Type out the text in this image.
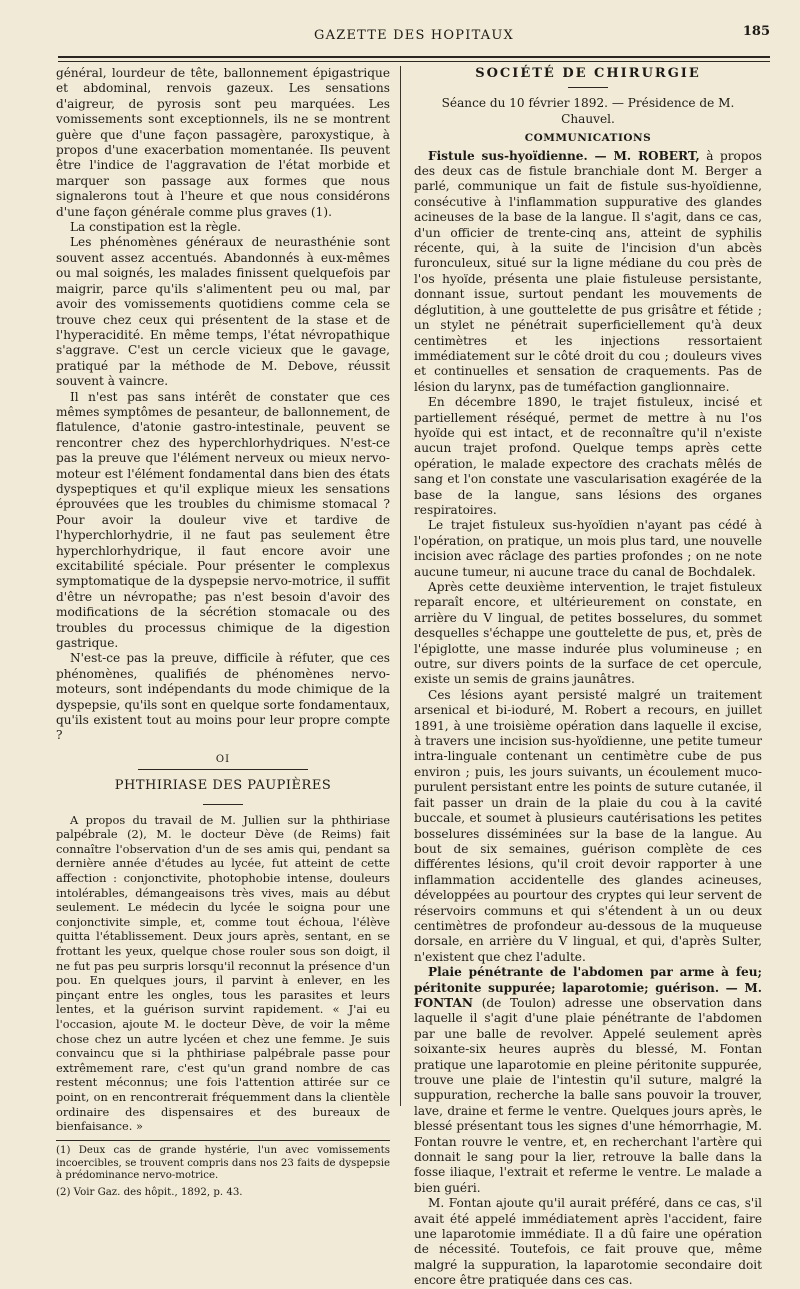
GAZETTE DES HOPITAUX	185

général, lourdeur de tête, ballonnement épigastrique et abdominal, renvois gazeux. Les sensations d'aigreur, de pyrosis sont peu marquées. Les vomissements sont exceptionnels, ils ne se montrent guère que d'une façon passagère, paroxystique, à propos d'une exacerbation momentanée. Ils peuvent être l'indice de l'aggravation de l'état morbide et marquer son passage aux formes que nous signalerons tout à l'heure et que nous considérons d'une façon générale comme plus graves (1).

La constipation est la règle.

Les phénomènes généraux de neurasthénie sont souvent assez accentués. Abandonnés à eux-mêmes ou mal soignés, les malades finissent quelquefois par maigrir, parce qu'ils s'alimentent peu ou mal, par avoir des vomissements quotidiens comme cela se trouve chez ceux qui présentent de la stase et de l'hyperacidité. En même temps, l'état névropathique s'aggrave. C'est un cercle vicieux que le gavage, pratiqué par la méthode de M. Debove, réussit souvent à vaincre.

Il n'est pas sans intérêt de constater que ces mêmes symptômes de pesanteur, de ballonnement, de flatulence, d'atonie gastro-intestinale, peuvent se rencontrer chez des hyperchlorhydriques. N'est-ce pas la preuve que l'élément nerveux ou mieux nervo-moteur est l'élément fondamental dans bien des états dyspeptiques et qu'il explique mieux les sensations éprouvées que les troubles du chimisme stomacal ? Pour avoir la douleur vive et tardive de l'hyperchlorhydrie, il ne faut pas seulement être hyperchlorhydrique, il faut encore avoir une excitabilité spéciale. Pour présenter le complexus symptomatique de la dyspepsie nervo-motrice, il suffit d'être un névropathe; pas n'est besoin d'avoir des modifications de la sécrétion stomacale ou des troubles du processus chimique de la digestion gastrique.

N'est-ce pas la preuve, difficile à réfuter, que ces phénomènes, qualifiés de phénomènes nervo-moteurs, sont indépendants du mode chimique de la dyspepsie, qu'ils sont en quelque sorte fondamentaux, qu'ils existent tout au moins pour leur propre compte ?

OI
PHTHIRIASE DES PAUPIÈRES

A propos du travail de M. Jullien sur la phthiriase palpébrale (2), M. le docteur Dève (de Reims) fait connaître l'observation d'un de ses amis qui, pendant sa dernière année d'études au lycée, fut atteint de cette affection : conjonctivite, photophobie intense, douleurs intolérables, démangeaisons très vives, mais au début seulement. Le médecin du lycée le soigna pour une conjonctivite simple, et, comme tout échoua, l'élève quitta l'établissement. Deux jours après, sentant, en se frottant les yeux, quelque chose rouler sous son doigt, il ne fut pas peu surpris lorsqu'il reconnut la présence d'un pou. En quelques jours, il parvint à enlever, en les pinçant entre les ongles, tous les parasites et leurs lentes, et la guérison survint rapidement. « J'ai eu l'occasion, ajoute M. le docteur Dève, de voir la même chose chez un autre lycéen et chez une femme. Je suis convaincu que si la phthiriase palpébrale passe pour extrêmement rare, c'est qu'un grand nombre de cas restent méconnus; une fois l'attention attirée sur ce point, on en rencontrerait fréquemment dans la clientèle ordinaire des dispensaires et des bureaux de bienfaisance. »

(1) Deux cas de grande hystérie, l'un avec vomissements incoercibles, se trouvent compris dans nos 23 faits de dyspepsie à prédominance nervo-motrice.

(2) Voir Gaz. des hôpit., 1892, p. 43.

SOCIÉTÉ DE CHIRURGIE
Séance du 10 février 1892. — Présidence de M. Chauvel.
COMMUNICATIONS

Fistule sus-hyoïdienne. — M. ROBERT, à propos des deux cas de fistule branchiale dont M. Berger a parlé, communique un fait de fistule sus-hyoïdienne, consécutive à l'inflammation suppurative des glandes acineuses de la base de la langue. Il s'agit, dans ce cas, d'un officier de trente-cinq ans, atteint de syphilis récente, qui, à la suite de l'incision d'un abcès furonculeux, situé sur la ligne médiane du cou près de l'os hyoïde, présenta une plaie fistuleuse persistante, donnant issue, surtout pendant les mouvements de déglutition, à une gouttelette de pus grisâtre et fétide ; un stylet ne pénétrait superficiellement qu'à deux centimètres et les injections ressortaient immédiatement sur le côté droit du cou ; douleurs vives et continuelles et sensation de craquements. Pas de lésion du larynx, pas de tuméfaction ganglionnaire.

En décembre 1890, le trajet fistuleux, incisé et partiellement réséqué, permet de mettre à nu l'os hyoïde qui est intact, et de reconnaître qu'il n'existe aucun trajet profond. Quelque temps après cette opération, le malade expectore des crachats mêlés de sang et l'on constate une vascularisation exagérée de la base de la langue, sans lésions des organes respiratoires.

Le trajet fistuleux sus-hyoïdien n'ayant pas cédé à l'opération, on pratique, un mois plus tard, une nouvelle incision avec râclage des parties profondes ; on ne note aucune tumeur, ni aucune trace du canal de Bochdalek.

Après cette deuxième intervention, le trajet fistuleux reparaît encore, et ultérieurement on constate, en arrière du V lingual, de petites bosselures, du sommet desquelles s'échappe une gouttelette de pus, et, près de l'épiglotte, une masse indurée plus volumineuse ; en outre, sur divers points de la surface de cet opercule, existe un semis de grains jaunâtres.

Ces lésions ayant persisté malgré un traitement arsenical et bi-ioduré, M. Robert a recours, en juillet 1891, à une troisième opération dans laquelle il excise, à travers une incision sus-hyoïdienne, une petite tumeur intra-linguale contenant un centimètre cube de pus environ ; puis, les jours suivants, un écoulement muco-purulent persistant entre les points de suture cutanée, il fait passer un drain de la plaie du cou à la cavité buccale, et soumet à plusieurs cautérisations les petites bosselures disséminées sur la base de la langue. Au bout de six semaines, guérison complète de ces différentes lésions, qu'il croit devoir rapporter à une inflammation accidentelle des glandes acineuses, développées au pourtour des cryptes qui leur servent de réservoirs communs et qui s'étendent à un ou deux centimètres de profondeur au-dessous de la muqueuse dorsale, en arrière du V lingual, et qui, d'après Sulter, n'existent que chez l'adulte.

Plaie pénétrante de l'abdomen par arme à feu; péritonite suppurée; laparotomie; guérison. — M. FONTAN (de Toulon) adresse une observation dans laquelle il s'agit d'une plaie pénétrante de l'abdomen par une balle de revolver. Appelé seulement après soixante-six heures auprès du blessé, M. Fontan pratique une laparotomie en pleine péritonite suppurée, trouve une plaie de l'intestin qu'il suture, malgré la suppuration, recherche la balle sans pouvoir la trouver, lave, draine et ferme le ventre. Quelques jours après, le blessé présentant tous les signes d'une hémorrhagie, M. Fontan rouvre le ventre, et, en recherchant l'artère qui donnait le sang pour la lier, retrouve la balle dans la fosse iliaque, l'extrait et referme le ventre. Le malade a bien guéri.

M. Fontan ajoute qu'il aurait préféré, dans ce cas, s'il avait été appelé immédiatement après l'accident, faire une laparotomie immédiate. Il a dû faire une opération de nécessité. Toutefois, ce fait prouve que, même malgré la suppuration, la laparotomie secondaire doit encore être pratiquée dans ces cas.
